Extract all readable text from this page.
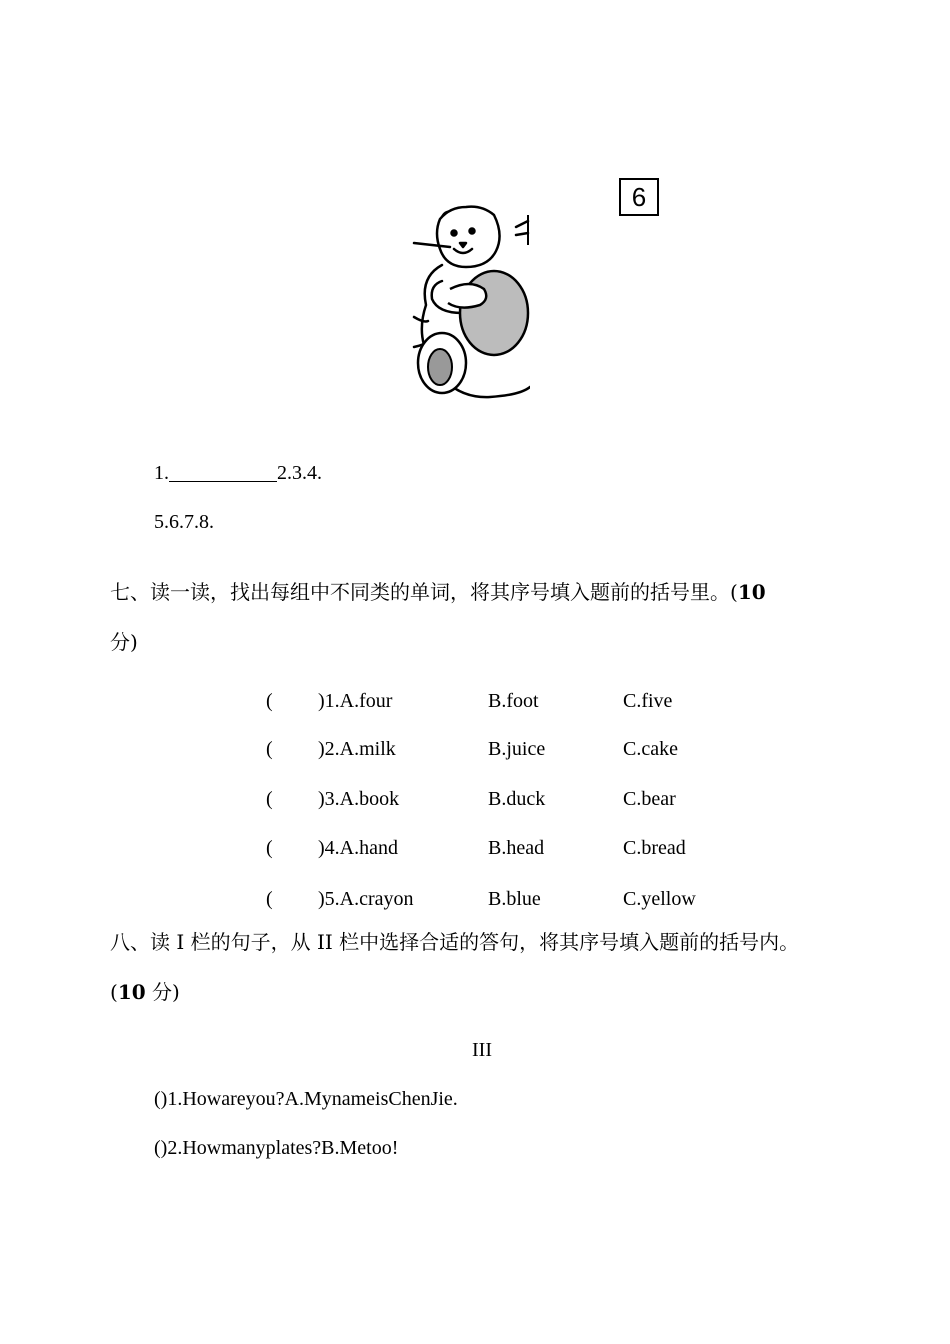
6
1.	2.3.4.
5.6.7.8.
七、读一读，找出每组中不同类的单词，将其序号填入题前的括号里。(10
分)
( )1.A.four	B.foot	C.five
( )2.A.milk	B.juice	C.cake
( )3.A.book	B.duck	C.bear
( )4.A.hand	B.head	C.bread
( )5.A.crayon	B.blue	C.yellow
八、读 I 栏的句子，从 II 栏中选择合适的答句，将其序号填入题前的括号内。
(10 分)
III
()1.Howareyou?A.MynameisChenJie.
()2.Howmanyplates?B.Metoo!
